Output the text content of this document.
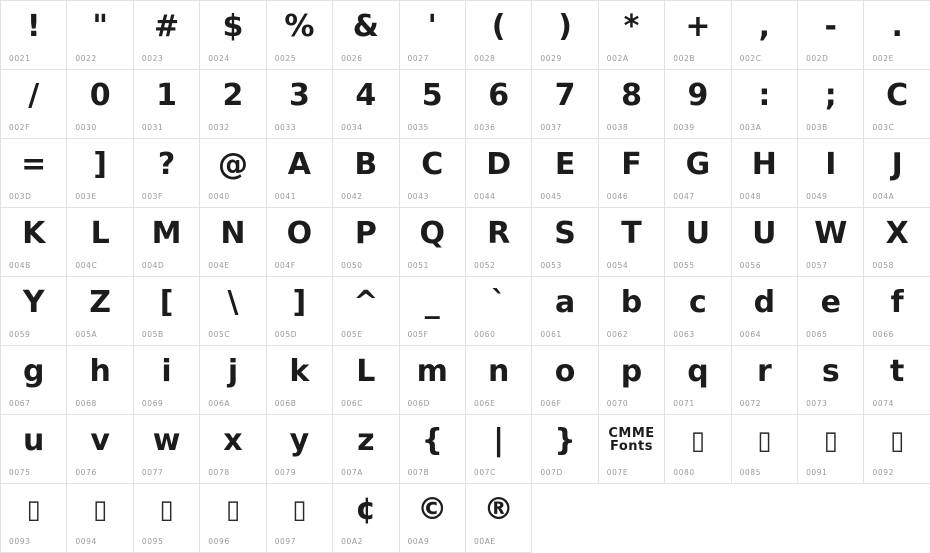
!
0021
"
0022
#
0023
$
0024
%
0025
&
0026
'
0027
(
0028
)
0029
*
002A
+
002B
,
002C
-
002D
.
002E
/
002F
0
0030
1
0031
2
0032
3
0033
4
0034
5
0035
6
0036
7
0037
8
0038
9
0039
:
003A
;
003B
C
003C
=
003D
]
003E
?
003F
@
0040
A
0041
B
0042
C
0043
D
0044
E
0045
F
0046
G
0047
H
0048
I
0049
J
004A
K
004B
L
004C
M
004D
N
004E
O
004F
P
0050
Q
0051
R
0052
S
0053
T
0054
U
0055
U
0056
W
0057
X
0058
Y
0059
Z
005A
[
005B
\
005C
]
005D
^
005E
_
005F
`
0060
a
0061
b
0062
c
0063
d
0064
e
0065
f
0066
g
0067
h
0068
i
0069
j
006A
k
006B
L
006C
m
006D
n
006E
o
006F
p
0070
q
0071
r
0072
s
0073
t
0074
u
0075
v
0076
w
0077
x
0078
y
0079
z
007A
{
007B
|
007C
}
007D
CMME
Fonts
007E
▯
0080
▯
0085
▯
0091
▯
0092
▯
0093
▯
0094
▯
0095
▯
0096
▯
0097
¢
00A2
©
00A9
®
00AE
